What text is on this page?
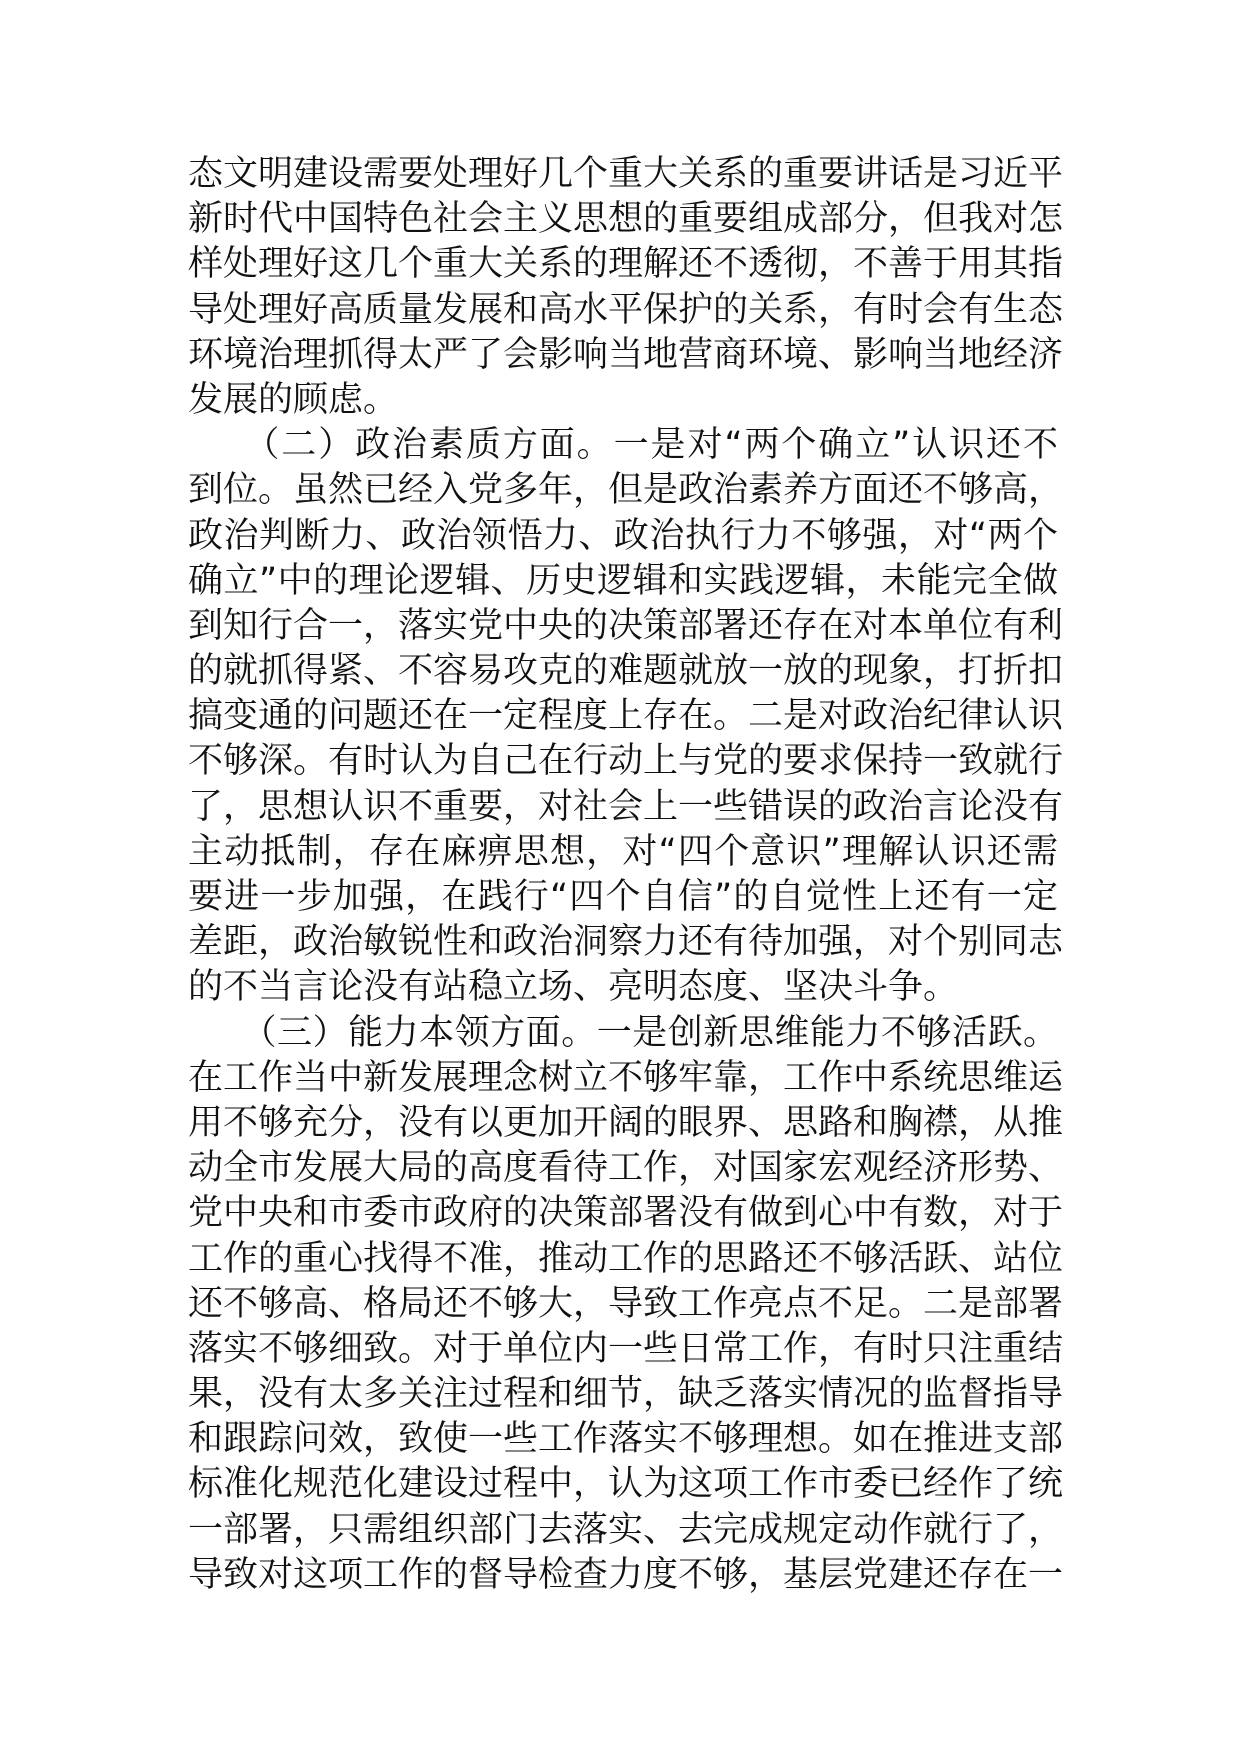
态文明建设需要处理好几个重大关系的重要讲话是习近平
新时代中国特色社会主义思想的重要组成部分，但我对怎
样处理好这几个重大关系的理解还不透彻，不善于用其指
导处理好高质量发展和高水平保护的关系，有时会有生态
环境治理抓得太严了会影响当地营商环境、影响当地经济
发展的顾虑。
　　（二）政治素质方面。一是对“两个确立”认识还不
到位。虽然已经入党多年，但是政治素养方面还不够高，
政治判断力、政治领悟力、政治执行力不够强，对“两个
确立”中的理论逻辑、历史逻辑和实践逻辑，未能完全做
到知行合一，落实党中央的决策部署还存在对本单位有利
的就抓得紧、不容易攻克的难题就放一放的现象，打折扣
搞变通的问题还在一定程度上存在。二是对政治纪律认识
不够深。有时认为自己在行动上与党的要求保持一致就行
了，思想认识不重要，对社会上一些错误的政治言论没有
主动抵制，存在麻痹思想，对“四个意识”理解认识还需
要进一步加强，在践行“四个自信”的自觉性上还有一定
差距，政治敏锐性和政治洞察力还有待加强，对个别同志
的不当言论没有站稳立场、亮明态度、坚决斗争。
　　（三）能力本领方面。一是创新思维能力不够活跃。
在工作当中新发展理念树立不够牢靠，工作中系统思维运
用不够充分，没有以更加开阔的眼界、思路和胸襟，从推
动全市发展大局的高度看待工作，对国家宏观经济形势、
党中央和市委市政府的决策部署没有做到心中有数，对于
工作的重心找得不准，推动工作的思路还不够活跃、站位
还不够高、格局还不够大，导致工作亮点不足。二是部署
落实不够细致。对于单位内一些日常工作，有时只注重结
果，没有太多关注过程和细节，缺乏落实情况的监督指导
和跟踪问效，致使一些工作落实不够理想。如在推进支部
标准化规范化建设过程中，认为这项工作市委已经作了统
一部署，只需组织部门去落实、去完成规定动作就行了，
导致对这项工作的督导检查力度不够，基层党建还存在一
